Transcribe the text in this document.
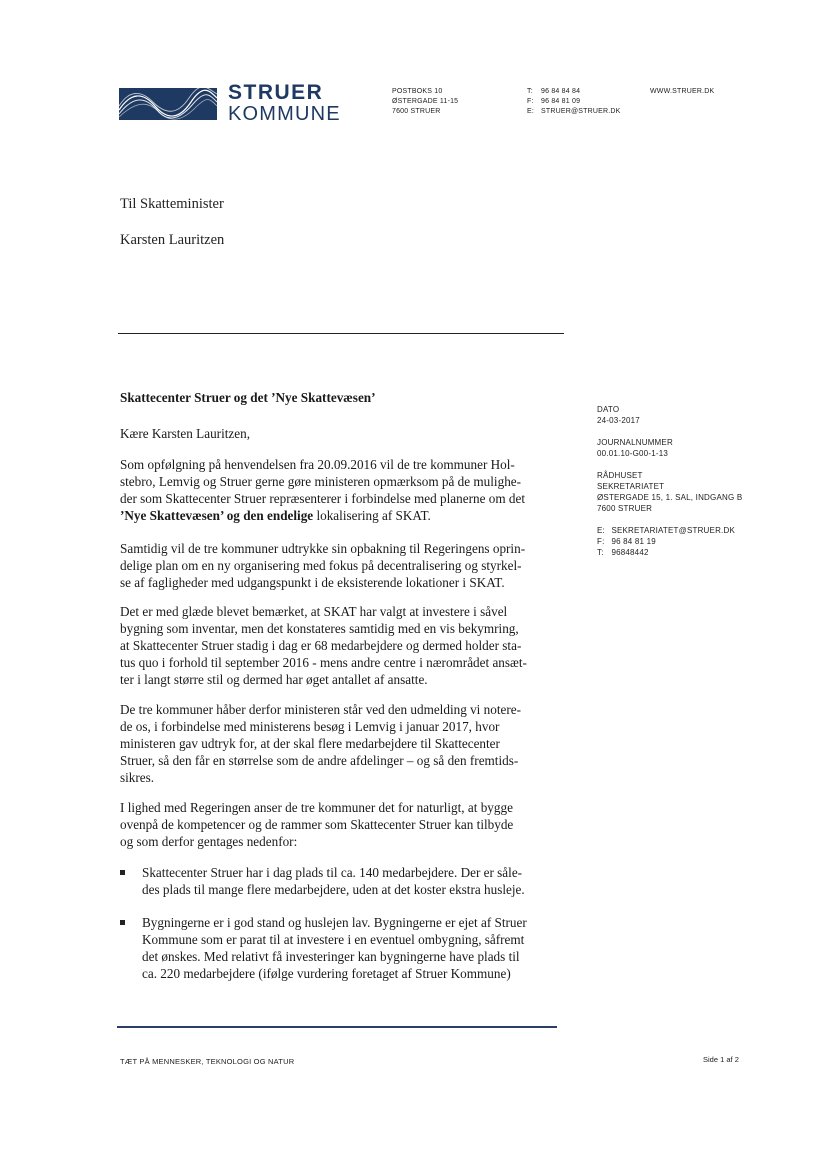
STRUER
KOMMUNE
POSTBOKS 10
ØSTERGADE 11-15
7600 STRUER
T: 96 84 84 84
F: 96 84 81 09
E: STRUER@STRUER.DK
WWW.STRUER.DK
Til Skatteminister
Karsten Lauritzen
DATO
24-03-2017
JOURNALNUMMER
00.01.10-G00-1-13
RÅDHUSET
SEKRETARIATET
ØSTERGADE 15, 1. SAL, INDGANG B
7600 STRUER
E: SEKRETARIATET@STRUER.DK
F: 96 84 81 19
T: 96848442
Skattecenter Struer og det ’Nye Skattevæsen’
Kære Karsten Lauritzen,
Som opfølgning på henvendelsen fra 20.09.2016 vil de tre kommuner Hol-
stebro, Lemvig og Struer gerne gøre ministeren opmærksom på de mulighe-
der som Skattecenter Struer repræsenterer i forbindelse med planerne om det
’Nye Skattevæsen’ og den endelige lokalisering af SKAT.
Samtidig vil de tre kommuner udtrykke sin opbakning til Regeringens oprin-
delige plan om en ny organisering med fokus på decentralisering og styrkel-
se af fagligheder med udgangspunkt i de eksisterende lokationer i SKAT.
Det er med glæde blevet bemærket, at SKAT har valgt at investere i såvel
bygning som inventar, men det konstateres samtidig med en vis bekymring,
at Skattecenter Struer stadig i dag er 68 medarbejdere og dermed holder sta-
tus quo i forhold til september 2016 - mens andre centre i nærområdet ansæt-
ter i langt større stil og dermed har øget antallet af ansatte.
De tre kommuner håber derfor ministeren står ved den udmelding vi notere-
de os, i forbindelse med ministerens besøg i Lemvig i januar 2017, hvor
ministeren gav udtryk for, at der skal flere medarbejdere til Skattecenter
Struer, så den får en størrelse som de andre afdelinger – og så den fremtids-
sikres.
I lighed med Regeringen anser de tre kommuner det for naturligt, at bygge
ovenpå de kompetencer og de rammer som Skattecenter Struer kan tilbyde
og som derfor gentages nedenfor:
Skattecenter Struer har i dag plads til ca. 140 medarbejdere. Der er såle-
des plads til mange flere medarbejdere, uden at det koster ekstra husleje.
Bygningerne er i god stand og huslejen lav. Bygningerne er ejet af Struer
Kommune som er parat til at investere i en eventuel ombygning, såfremt
det ønskes. Med relativt få investeringer kan bygningerne have plads til
ca. 220 medarbejdere (ifølge vurdering foretaget af Struer Kommune)
TÆT PÅ MENNESKER, TEKNOLOGI OG NATUR	Side 1 af 2
